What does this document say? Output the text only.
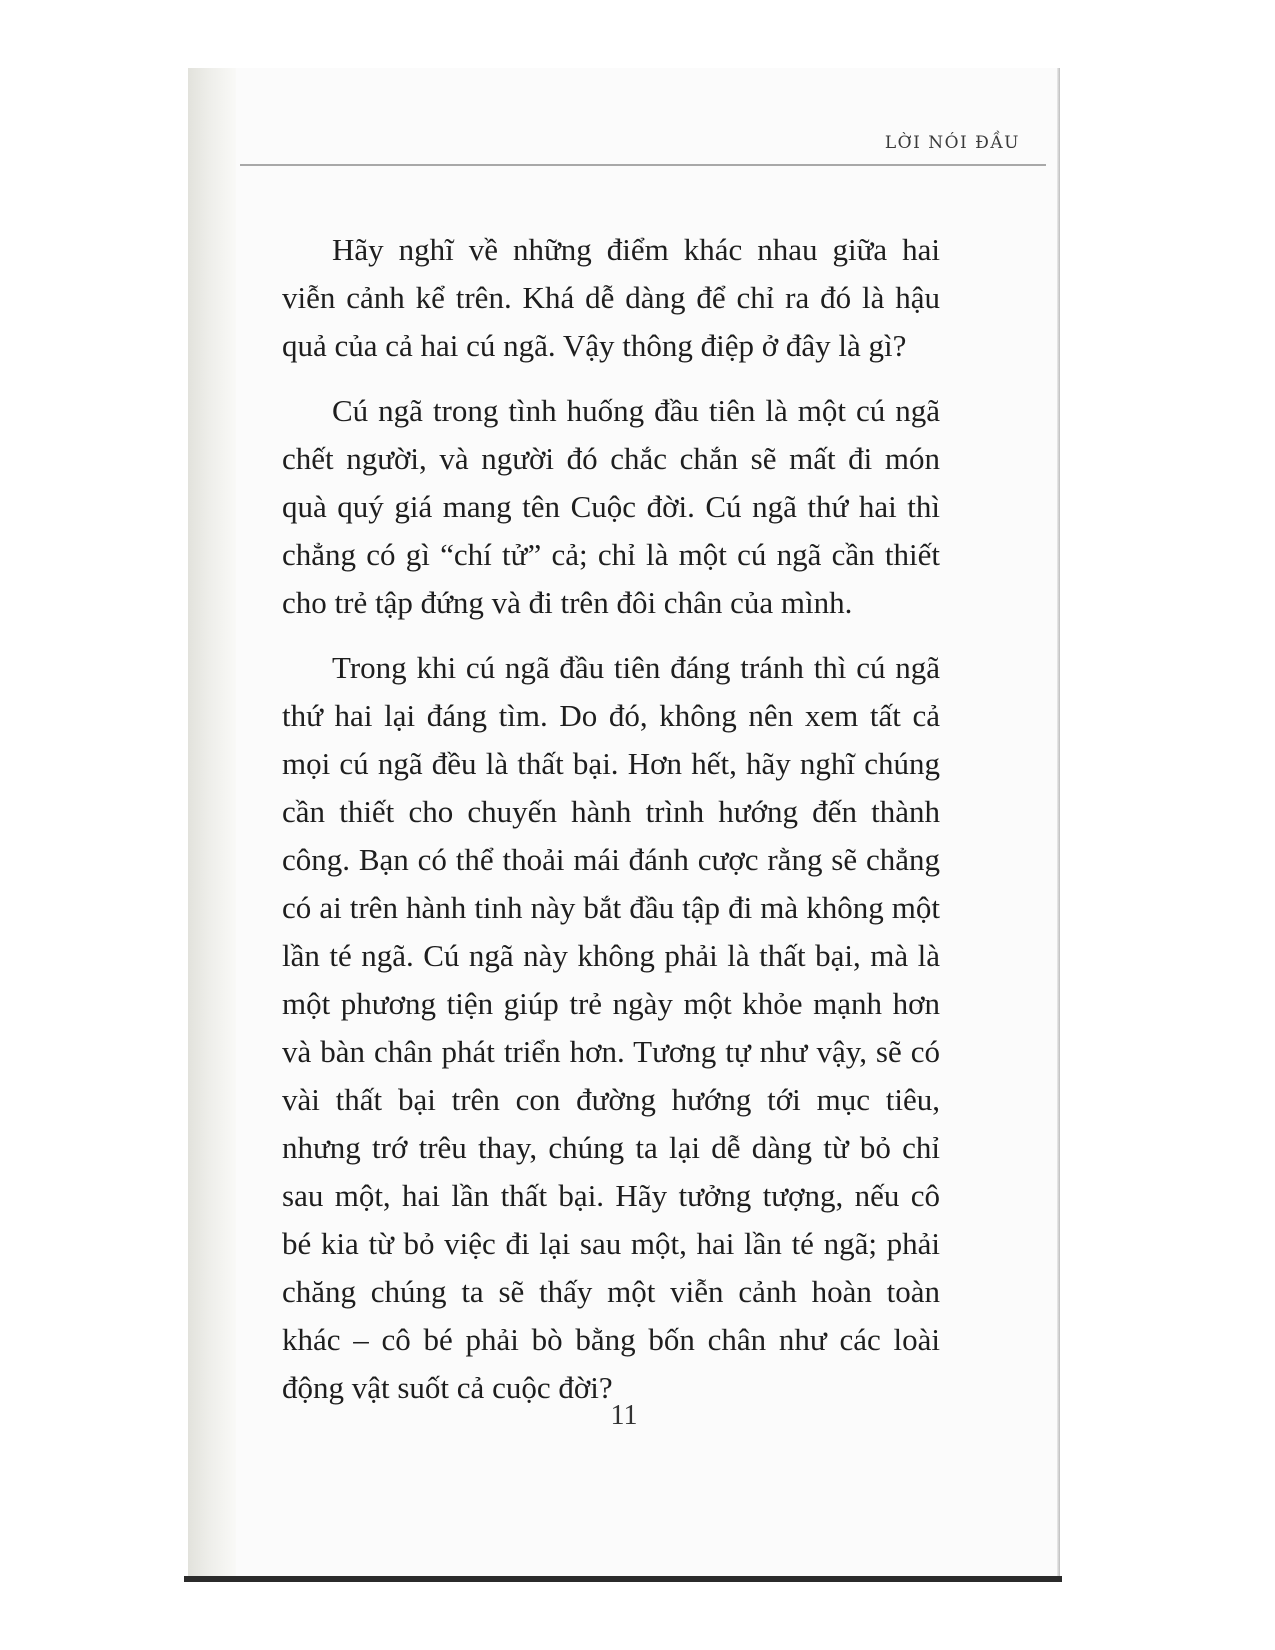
LỜI NÓI ĐẦU

Hãy nghĩ về những điểm khác nhau giữa hai viễn cảnh kể trên. Khá dễ dàng để chỉ ra đó là hậu quả của cả hai cú ngã. Vậy thông điệp ở đây là gì?

Cú ngã trong tình huống đầu tiên là một cú ngã chết người, và người đó chắc chắn sẽ mất đi món quà quý giá mang tên Cuộc đời. Cú ngã thứ hai thì chẳng có gì “chí tử” cả; chỉ là một cú ngã cần thiết cho trẻ tập đứng và đi trên đôi chân của mình.

Trong khi cú ngã đầu tiên đáng tránh thì cú ngã thứ hai lại đáng tìm. Do đó, không nên xem tất cả mọi cú ngã đều là thất bại. Hơn hết, hãy nghĩ chúng cần thiết cho chuyến hành trình hướng đến thành công. Bạn có thể thoải mái đánh cược rằng sẽ chẳng có ai trên hành tinh này bắt đầu tập đi mà không một lần té ngã. Cú ngã này không phải là thất bại, mà là một phương tiện giúp trẻ ngày một khỏe mạnh hơn và bàn chân phát triển hơn. Tương tự như vậy, sẽ có vài thất bại trên con đường hướng tới mục tiêu, nhưng trớ trêu thay, chúng ta lại dễ dàng từ bỏ chỉ sau một, hai lần thất bại. Hãy tưởng tượng, nếu cô bé kia từ bỏ việc đi lại sau một, hai lần té ngã; phải chăng chúng ta sẽ thấy một viễn cảnh hoàn toàn khác – cô bé phải bò bằng bốn chân như các loài động vật suốt cả cuộc đời?

11
